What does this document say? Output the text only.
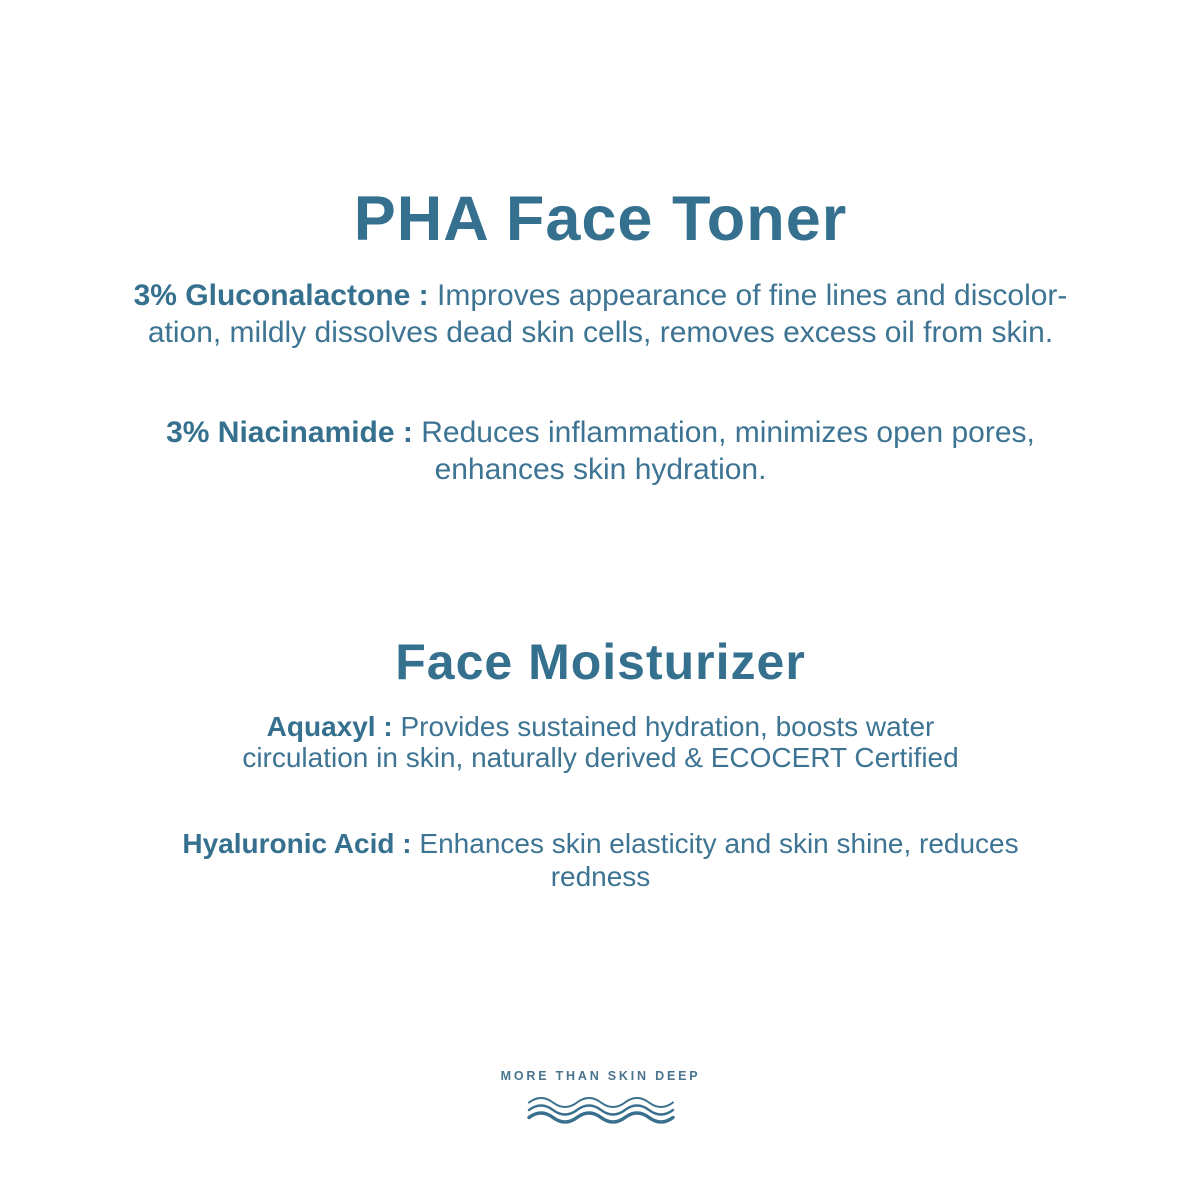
PHA Face Toner

3% Gluconalactone : Improves appearance of fine lines and discolor-
ation, mildly dissolves dead skin cells, removes excess oil from skin.

3% Niacinamide : Reduces inflammation, minimizes open pores,
enhances skin hydration.

Face Moisturizer

Aquaxyl : Provides sustained hydration, boosts water
circulation in skin, naturally derived & ECOCERT Certified

Hyaluronic Acid : Enhances skin elasticity and skin shine, reduces
redness

MORE THAN SKIN DEEP
